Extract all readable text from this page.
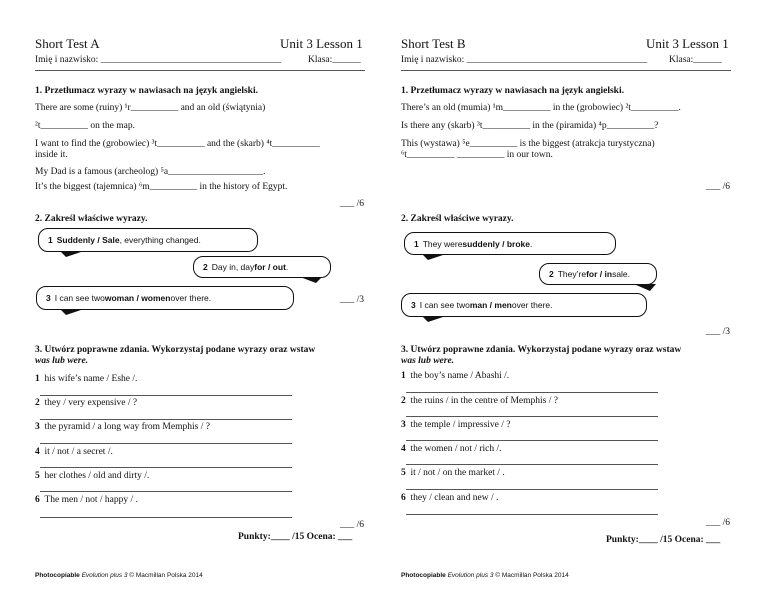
Short Test A	Unit 3 Lesson 1
Imię i nazwisko: ______________________________________	Klasa:______
1. Przetłumacz wyrazy w nawiasach na język angielski.
There are some (ruiny) ¹r__________ and an old (świątynia)
²t__________ on the map.
I want to find the (grobowiec) ³t__________ and the (skarb) ⁴t__________
inside it.
My Dad is a famous (archeolog) ⁵a____________________.
It’s the biggest (tajemnica) ⁶m__________ in the history of Egypt.
___ /6
2. Zakreśl właściwe wyrazy.
1 Suddenly / Sale , everything changed.
2 Day in, day for / out .
3 I can see two woman / women over there.	___ /3
3. Utwórz poprawne zdania. Wykorzystaj podane wyrazy oraz wstaw
was lub were.
1 his wife’s name / Eshe /.
2 they / very expensive / ?
3 the pyramid / a long way from Memphis / ?
4 it / not / a secret /.
5 her clothes / old and dirty /.
6 The men / not / happy / .
___ /6
Punkty:____ /15 Ocena: ___
Photocopiable Evolution plus 3 © Macmillan Polska 2014
Short Test B	Unit 3 Lesson 1
Imię i nazwisko: ______________________________________ Klasa:______
1. Przetłumacz wyrazy w nawiasach na język angielski.
There’s an old (mumia) ¹m__________ in the (grobowiec) ²t__________.
Is there any (skarb) ³t__________ in the (piramida) ⁴p__________?
This (wystawa) ⁵e__________ is the biggest (atrakcja turystyczna)
⁶t__________ __________ in our town.
___ /6
2. Zakreśl właściwe wyrazy.
1 They were suddenly / broke .
2 They’re for / in sale.
3 I can see two man / men over there.
___ /3
3. Utwórz poprawne zdania. Wykorzystaj podane wyrazy oraz wstaw
was lub were.
1 the boy’s name / Abashi /.
2 the ruins / in the centre of Memphis / ?
3 the temple / impressive / ?
4 the women / not / rich /.
5 it / not / on the market / .
6 they / clean and new / .
___ /6
Punkty:____ /15 Ocena: ___
Photocopiable Evolution plus 3 © Macmillan Polska 2014
